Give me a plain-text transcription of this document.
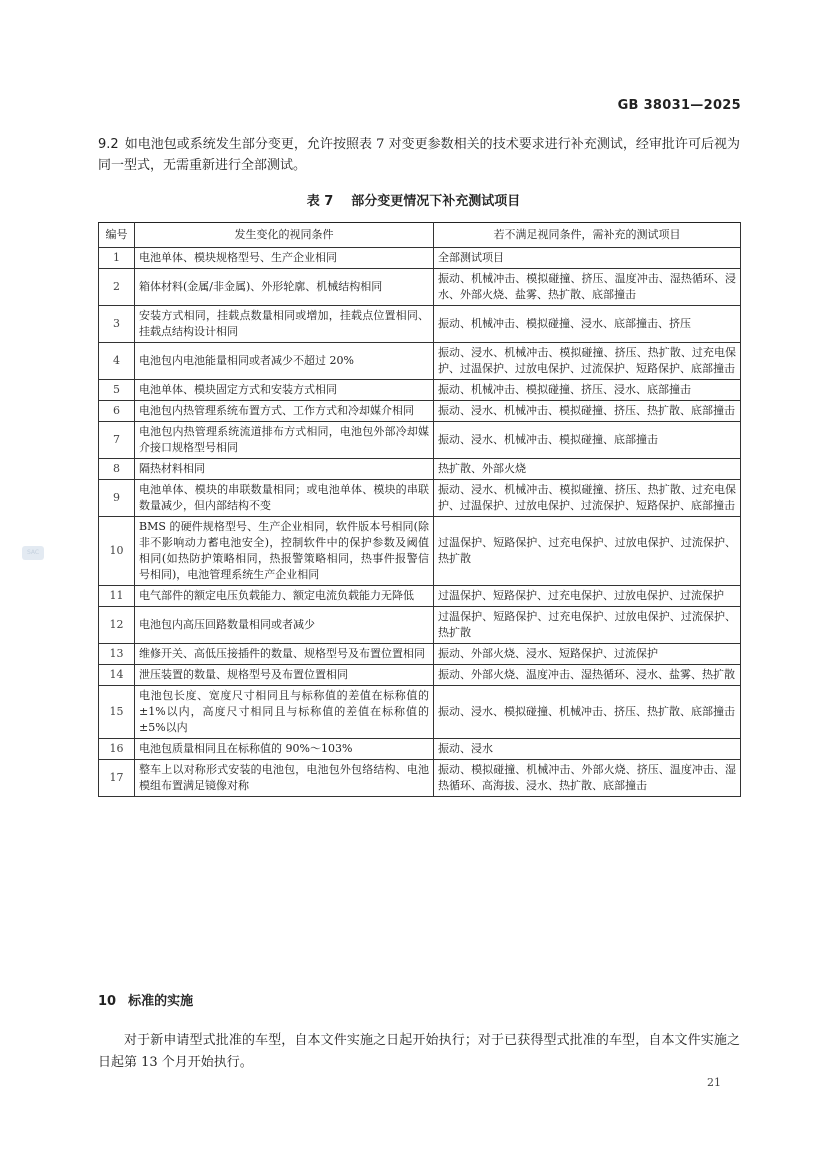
GB 38031—2025

9.2 如电池包或系统发生部分变更，允许按照表 7 对变更参数相关的技术要求进行补充测试，经审批许可后视为同一型式，无需重新进行全部测试。

表 7 部分变更情况下补充测试项目
编号	发生变化的视同条件	若不满足视同条件，需补充的测试项目
1	电池单体、模块规格型号、生产企业相同	全部测试项目
2	箱体材料(金属/非金属)、外形轮廓、机械结构相同	振动、机械冲击、模拟碰撞、挤压、温度冲击、湿热循环、浸水、外部火烧、盐雾、热扩散、底部撞击
3	安装方式相同，挂载点数量相同或增加，挂载点位置相同、挂载点结构设计相同	振动、机械冲击、模拟碰撞、浸水、底部撞击、挤压
4	电池包内电池能量相同或者减少不超过 20%	振动、浸水、机械冲击、模拟碰撞、挤压、热扩散、过充电保护、过温保护、过放电保护、过流保护、短路保护、底部撞击
5	电池单体、模块固定方式和安装方式相同	振动、机械冲击、模拟碰撞、挤压、浸水、底部撞击
6	电池包内热管理系统布置方式、工作方式和冷却媒介相同	振动、浸水、机械冲击、模拟碰撞、挤压、热扩散、底部撞击
7	电池包内热管理系统流道排布方式相同，电池包外部冷却媒介接口规格型号相同	振动、浸水、机械冲击、模拟碰撞、底部撞击
8	隔热材料相同	热扩散、外部火烧
9	电池单体、模块的串联数量相同；或电池单体、模块的串联数量减少，但内部结构不变	振动、浸水、机械冲击、模拟碰撞、挤压、热扩散、过充电保护、过温保护、过放电保护、过流保护、短路保护、底部撞击
10	BMS 的硬件规格型号、生产企业相同，软件版本号相同(除非不影响动力蓄电池安全)，控制软件中的保护参数及阈值相同(如热防护策略相同，热报警策略相同，热事件报警信号相同)，电池管理系统生产企业相同	过温保护、短路保护、过充电保护、过放电保护、过流保护、热扩散
11	电气部件的额定电压负载能力、额定电流负载能力无降低	过温保护、短路保护、过充电保护、过放电保护、过流保护
12	电池包内高压回路数量相同或者减少	过温保护、短路保护、过充电保护、过放电保护、过流保护、热扩散
13	维修开关、高低压接插件的数量、规格型号及布置位置相同	振动、外部火烧、浸水、短路保护、过流保护
14	泄压装置的数量、规格型号及布置位置相同	振动、外部火烧、温度冲击、湿热循环、浸水、盐雾、热扩散
15	电池包长度、宽度尺寸相同且与标称值的差值在标称值的±1%以内，高度尺寸相同且与标称值的差值在标称值的±5%以内	振动、浸水、模拟碰撞、机械冲击、挤压、热扩散、底部撞击
16	电池包质量相同且在标称值的 90%～103%	振动、浸水
17	整车上以对称形式安装的电池包，电池包外包络结构、电池模组布置满足镜像对称	振动、模拟碰撞、机械冲击、外部火烧、挤压、温度冲击、湿热循环、高海拔、浸水、热扩散、底部撞击
10 标准的实施

对于新申请型式批准的车型，自本文件实施之日起开始执行；对于已获得型式批准的车型，自本文件实施之日起第 13 个月开始执行。

21
SAC
